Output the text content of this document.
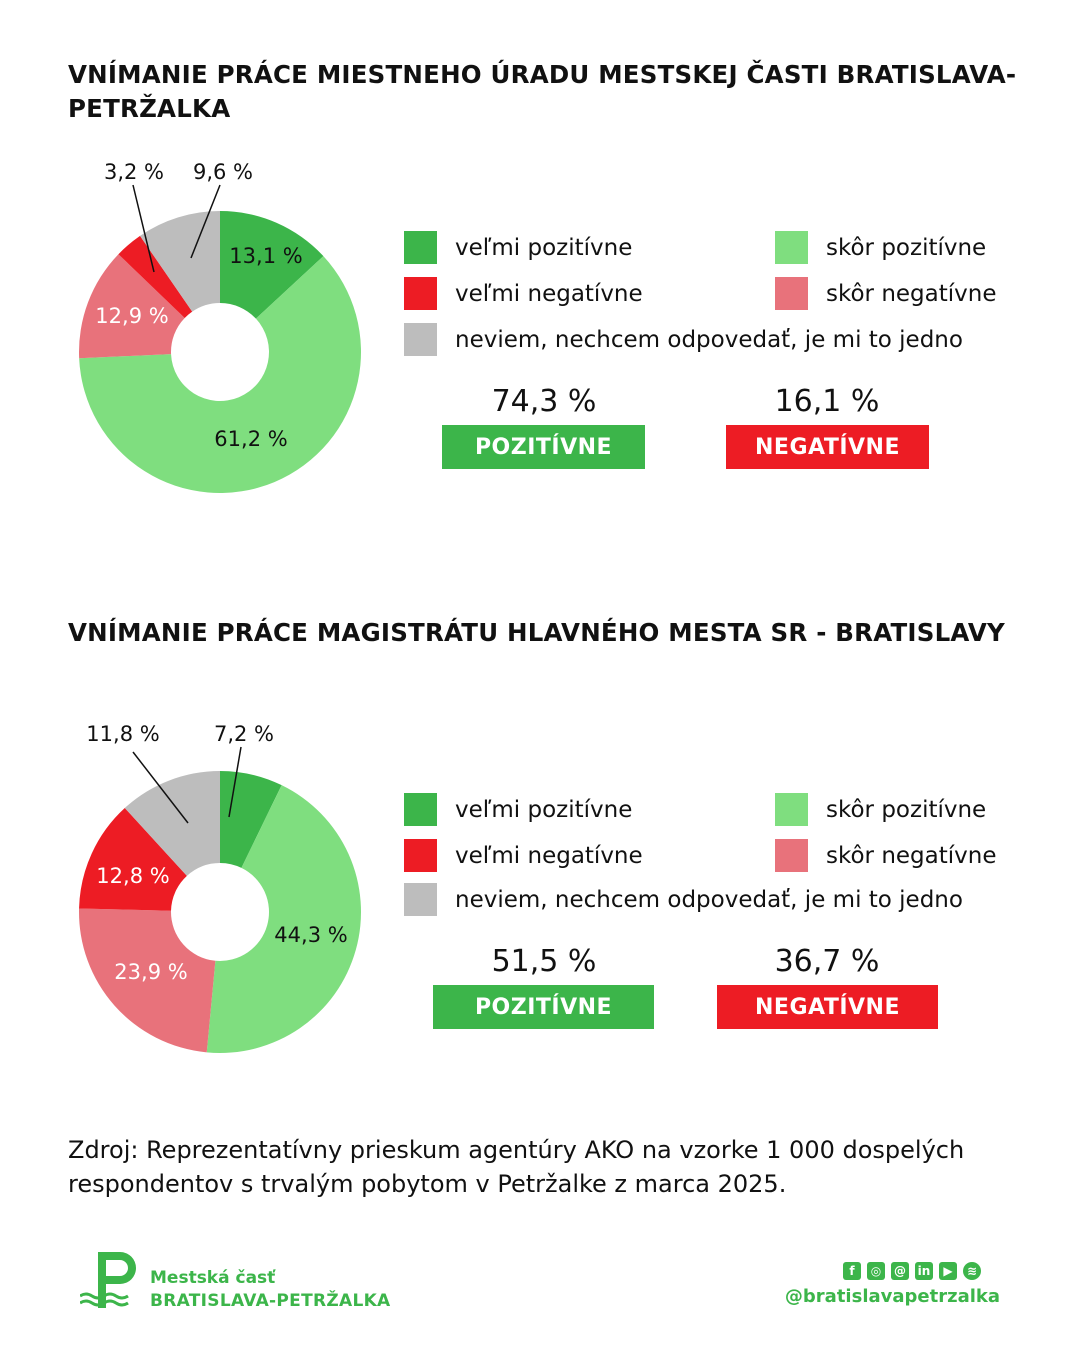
VNÍMANIE PRÁCE MIESTNEHO ÚRADU MESTSKEJ ČASTI BRATISLAVA-PETRŽALKA
13,1 %
61,2 %
12,9 %
3,2 % 9,6 %
veľmi pozitívne	skôr pozitívne
veľmi negatívne	skôr negatívne
neviem, nechcem odpovedať, je mi to jedno
74,3 %
POZITÍVNE
16,1 %
NEGATÍVNE
VNÍMANIE PRÁCE MAGISTRÁTU HLAVNÉHO MESTA SR - BRATISLAVY
7,2 %
44,3 %
23,9 %
12,8 %
11,8 %
veľmi pozitívne	skôr pozitívne
veľmi negatívne	skôr negatívne
neviem, nechcem odpovedať, je mi to jedno
51,5 %
POZITÍVNE
36,7 %
NEGATÍVNE
Zdroj: Reprezentatívny prieskum agentúry AKO na vzorke 1 000 dospelých respondentov s trvalým pobytom v Petržalke z marca 2025.
Mestská časť
BRATISLAVA-PETRŽALKA
f	◎	@ in	▶	≋
@bratislavapetrzalka
